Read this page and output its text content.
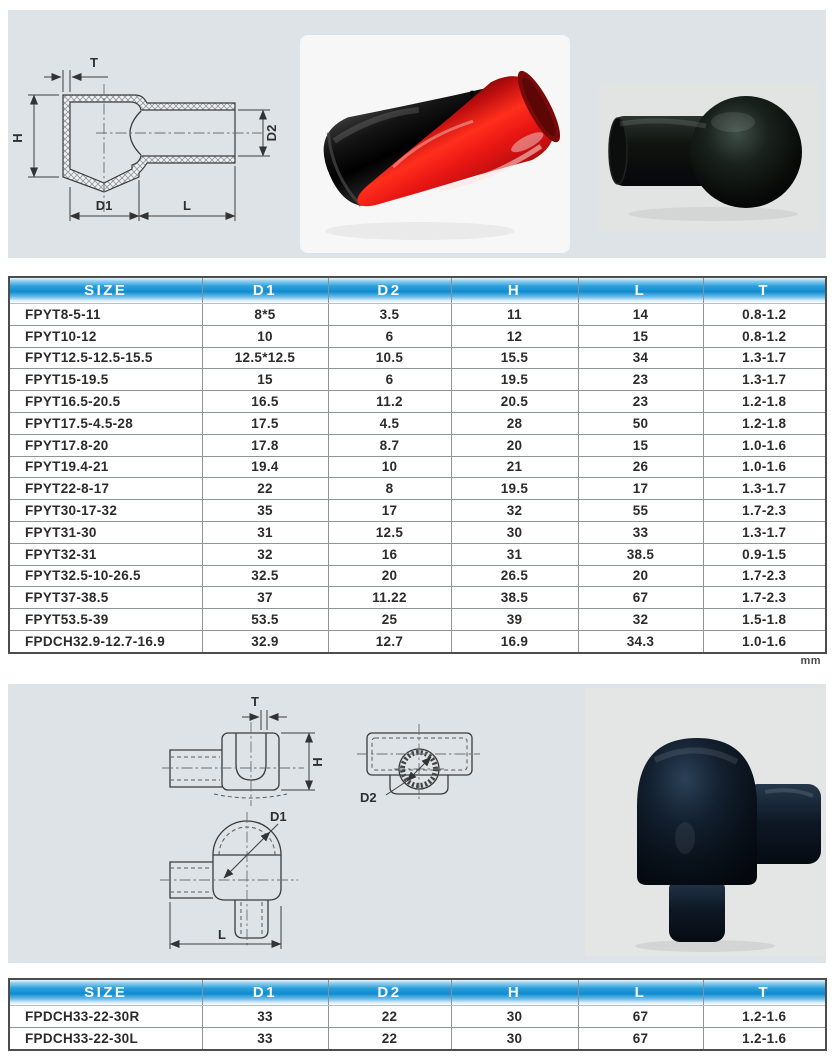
T
H	D2
D1	L
SIZE	D1	D2	H	L	T
FPYT8-5-11	8*5	3.5	11	14	0.8-1.2
FPYT10-12	10	6	12	15	0.8-1.2
FPYT12.5-12.5-15.5	12.5*12.5	10.5	15.5	34	1.3-1.7
FPYT15-19.5	15	6	19.5	23	1.3-1.7
FPYT16.5-20.5	16.5	11.2	20.5	23	1.2-1.8
FPYT17.5-4.5-28	17.5	4.5	28	50	1.2-1.8
FPYT17.8-20	17.8	8.7	20	15	1.0-1.6
FPYT19.4-21	19.4	10	21	26	1.0-1.6
FPYT22-8-17	22	8	19.5	17	1.3-1.7
FPYT30-17-32	35	17	32	55	1.7-2.3
FPYT31-30	31	12.5	30	33	1.3-1.7
FPYT32-31	32	16	31	38.5	0.9-1.5
FPYT32.5-10-26.5	32.5	20	26.5	20	1.7-2.3
FPYT37-38.5	37	11.22	38.5	67	1.7-2.3
FPYT53.5-39	53.5	25	39	32	1.5-1.8
FPDCH32.9-12.7-16.9	32.9	12.7	16.9	34.3	1.0-1.6
mm
T
H
D2
D1
L
SIZE	D1	D2	H	L	T
FPDCH33-22-30R	33	22	30	67	1.2-1.6
FPDCH33-22-30L	33	22	30	67	1.2-1.6
